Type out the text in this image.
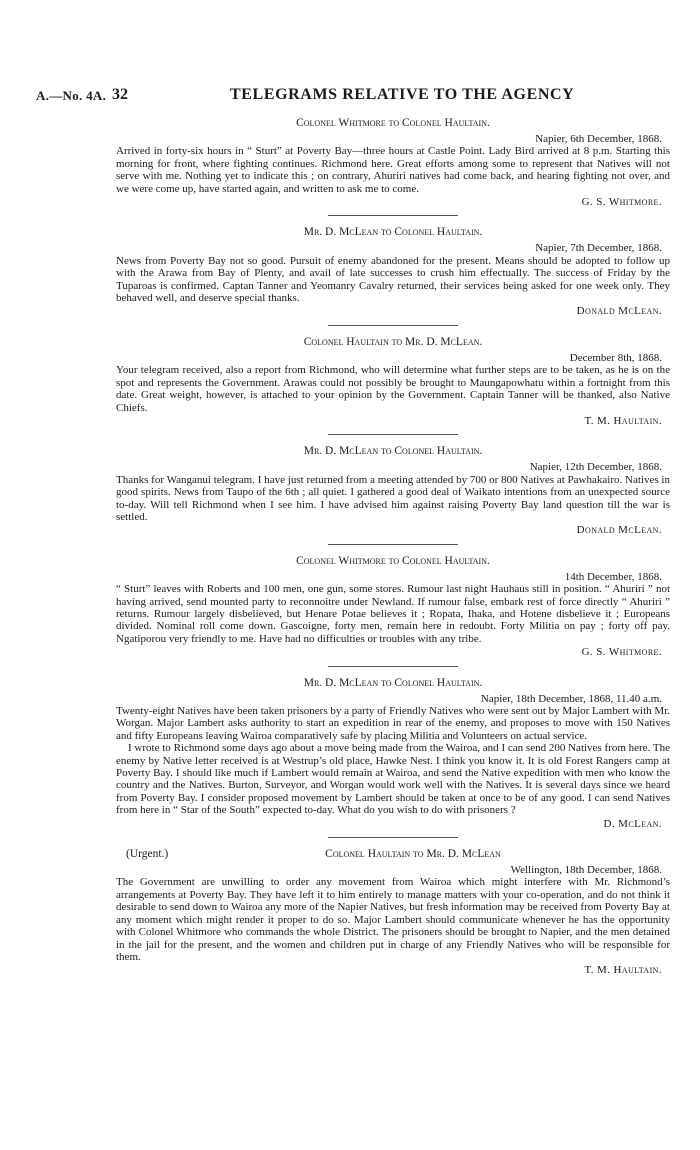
A.—No. 4A. 32	TELEGRAMS RELATIVE TO THE AGENCY
Colonel Whitmore to Colonel Haultain.
Napier, 6th December, 1868.

Arrived in forty-six hours in “ Sturt” at Poverty Bay—three hours at Castle Point. Lady Bird arrived at 8 p.m. Starting this morning for front, where fighting continues. Richmond here. Great efforts among some to represent that Natives will not serve with me. Nothing yet to indicate this ; on contrary, Ahuriri natives had come back, and hearing fighting not over, and we were come up, have started again, and written to ask me to come.

G. S. Whitmore.
Mr. D. McLean to Colonel Haultain.
Napier, 7th December, 1868.

News from Poverty Bay not so good. Pursuit of enemy abandoned for the present. Means should be adopted to follow up with the Arawa from Bay of Plenty, and avail of late successes to crush him effectually. The success of Friday by the Tuparoas is confirmed. Captan Tanner and Yeomanry Cavalry returned, their services being asked for one week only. They behaved well, and deserve special thanks.

Donald McLean.
Colonel Haultain to Mr. D. McLean.
December 8th, 1868.

Your telegram received, also a report from Richmond, who will determine what further steps are to be taken, as he is on the spot and represents the Government. Arawas could not possibly be brought to Maungapowhatu within a fortnight from this date. Great weight, however, is attached to your opinion by the Government. Captain Tanner will be thanked, also Native Chiefs.

T. M. Haultain.
Mr. D. McLean to Colonel Haultain.
Napier, 12th December, 1868.

Thanks for Wanganui telegram. I have just returned from a meeting attended by 700 or 800 Natives at Pawhakairo. Natives in good spirits. News from Taupo of the 6th ; all quiet. I gathered a good deal of Waikato intentions from an unexpected source to-day. Will tell Richmond when I see him. I have advised him against raising Poverty Bay land question till the war is settled.

Donald McLean.
Colonel Whitmore to Colonel Haultain.
14th December, 1868.

“ Sturt” leaves with Roberts and 100 men, one gun, some stores. Rumour last night Hauhaus still in position. “ Ahuriri ” not having arrived, send mounted party to reconnoitre under Newland. If rumour false, embark rest of force directly “ Ahuriri ” returns. Rumour largely disbelieved, but Henare Potae believes it ; Ropata, Ihaka, and Hotene disbelieve it ; Europeans divided. Nominal roll come down. Gascoigne, forty men, remain here in redoubt. Forty Militia on pay ; forty off pay. Ngatiporou very friendly to me. Have had no difficulties or troubles with any tribe.

G. S. Whitmore.
Mr. D. McLean to Colonel Haultain.
Napier, 18th December, 1868, 11.40 a.m.

Twenty-eight Natives have been taken prisoners by a party of Friendly Natives who were sent out by Major Lambert with Mr. Worgan. Major Lambert asks authority to start an expedition in rear of the enemy, and proposes to move with 150 Natives and fifty Europeans leaving Wairoa comparatively safe by placing Militia and Volunteers on actual service.

I wrote to Richmond some days ago about a move being made from the Wairoa, and I can send 200 Natives from here. The enemy by Native letter received is at Westrup’s old place, Hawke Nest. I think you know it. It is old Forest Rangers camp at Poverty Bay. I should like much if Lambert would remain at Wairoa, and send the Native expedition with men who know the country and the Natives. Burton, Surveyor, and Worgan would work well with the Natives. It is several days since we heard from Poverty Bay. I consider proposed movement by Lambert should be taken at once to be of any good. I can send Natives from here in “ Star of the South” expected to-day. What do you wish to do with prisoners ?

D. McLean.
(Urgent.)	Colonel Haultain to Mr. D. McLean
Wellington, 18th December, 1868.

The Government are unwilling to order any movement from Wairoa which might interfere with Mr. Richmond’s arrangements at Poverty Bay. They have left it to him entirely to manage matters with your co-operation, and do not think it desirable to send down to Wairoa any more of the Napier Natives, but fresh information may be received from Poverty Bay at any moment which might render it proper to do so. Major Lambert should communicate whenever he has the opportunity with Colonel Whitmore who commands the whole District. The prisoners should be brought to Napier, and the men detained in the jail for the present, and the women and children put in charge of any Friendly Natives who will be responsible for them.

T. M. Haultain.
